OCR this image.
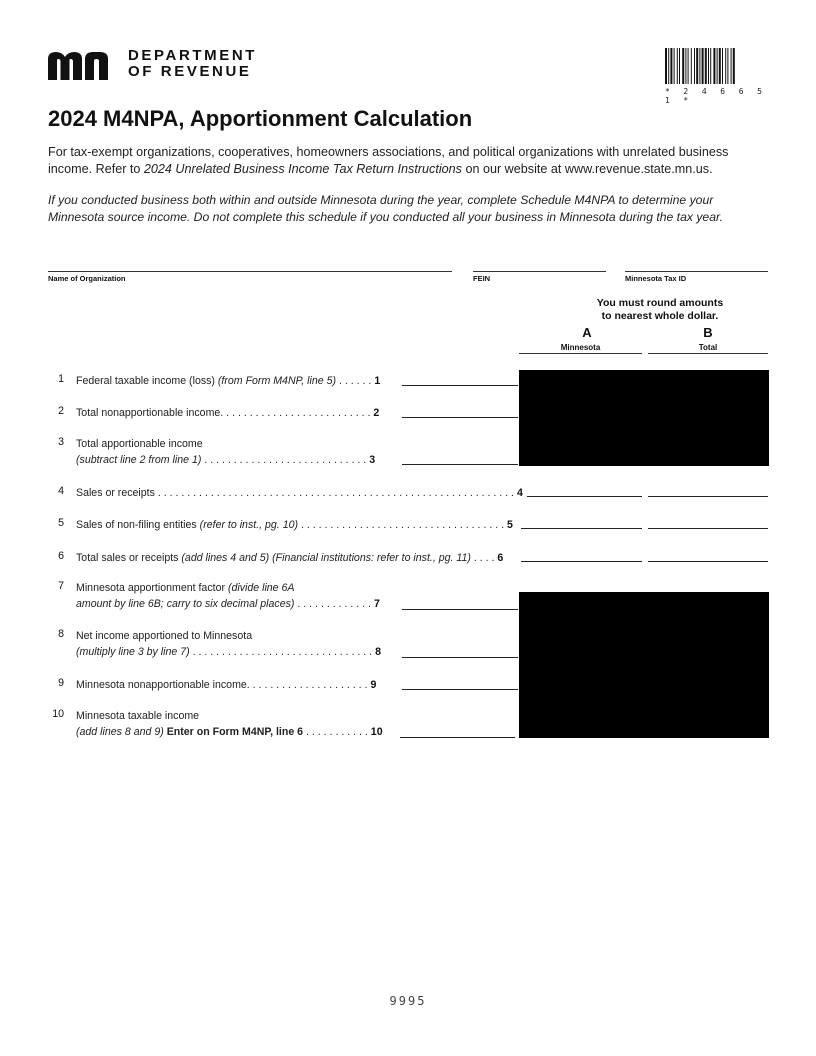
DEPARTMENT
OF REVENUE
* 2 4 6 6 5 1 *
2024 M4NPA, Apportionment Calculation
For tax-exempt organizations, cooperatives, homeowners associations, and political organizations with unrelated business income. Refer to 2024 Unrelated Business Income Tax Return Instructions on our website at www.revenue.state.mn.us.
If you conducted business both within and outside Minnesota during the year, complete Schedule M4NPA to determine your Minnesota source income. Do not complete this schedule if you conducted all your business in Minnesota during the tax year.
Name of Organization	FEIN	Minnesota Tax ID
You must round amounts
to nearest whole dollar.
A	B
Minnesota	Total
1 Federal taxable income (loss) (from Form M4NP, line 5) . . . . . . 1
2 Total nonapportionable income. . . . . . . . . . . . . . . . . . . . . . . . . . 2
3 Total apportionable income
(subtract line 2 from line 1) . . . . . . . . . . . . . . . . . . . . . . . . . . . . 3
4 Sales or receipts . . . . . . . . . . . . . . . . . . . . . . . . . . . . . . . . . . . . . . . . . . . . . . . . . . . . . . . . . . . . . 4
5 Sales of non-filing entities (refer to inst., pg. 10) . . . . . . . . . . . . . . . . . . . . . . . . . . . . . . . . . . . 5
6 Total sales or receipts (add lines 4 and 5) (Financial institutions: refer to inst., pg. 11) . . . . 6
7 Minnesota apportionment factor (divide line 6A
amount by line 6B; carry to six decimal places) . . . . . . . . . . . . . 7
8 Net income apportioned to Minnesota
(multiply line 3 by line 7) . . . . . . . . . . . . . . . . . . . . . . . . . . . . . . . 8
9 Minnesota nonapportionable income. . . . . . . . . . . . . . . . . . . . . 9
10 Minnesota taxable income
(add lines 8 and 9) Enter on Form M4NP, line 6 . . . . . . . . . . . 10
9995
